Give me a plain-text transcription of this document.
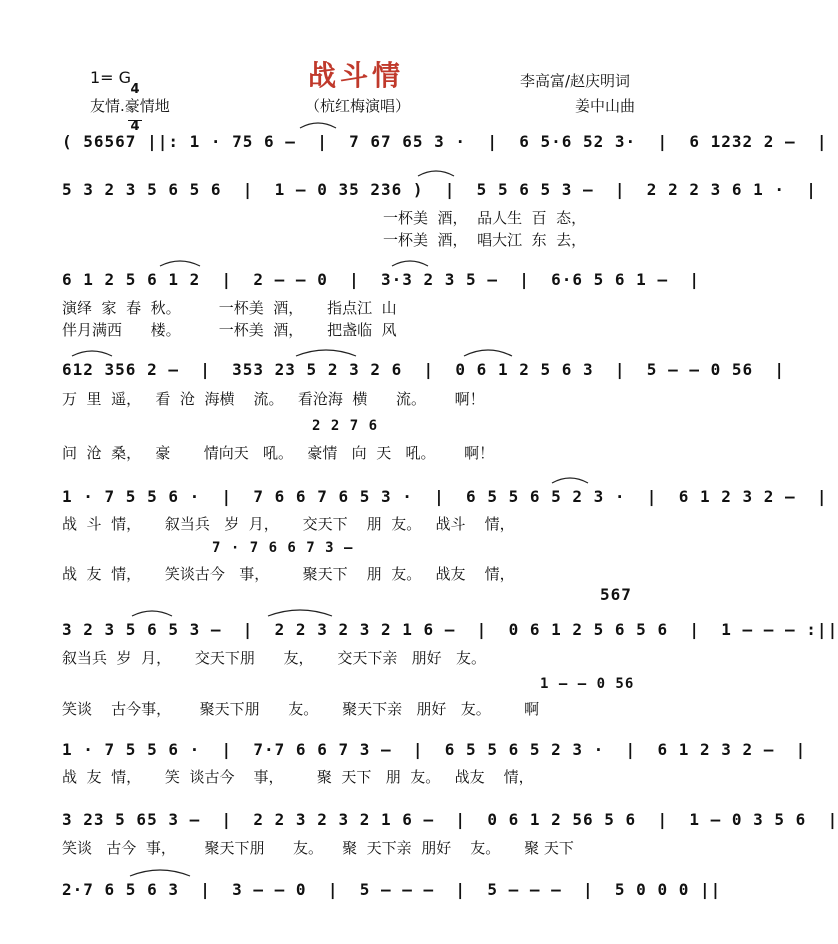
1= G

4

4

友情.豪情地
战斗情
（杭红梅演唱）
李高富/赵庆明词
姜中山曲
( 56567 ||: 1 · 75 6 –  |  7 67 65 3 ·  |  6 5·6 52 3·  |  6 1232 2 –  |
5 3 2 3 5 6 5 6  |  1 – 0 35 236 )  |  5 5 6 5 3 –  |  2 2 2 3 6 1 ·  |
一杯美  酒，  品人生  百  态，
一杯美  酒，  唱大江  东  去，
6 1 2 5 6 1 2  |  2 – – 0  |  3·3 2 3 5 –  |  6·6 5 6 1 –  |
演绎  家  春  秋。        一杯美  酒，     指点江  山
伴月满西      楼。        一杯美  酒，     把盏临  风
612 356 2 –  |  353 23 5 2 3 2 6  |  0 6 1 2 5 6 3  |  5 – – 0 56  |
万  里  遥，   看  沧  海横    流。   看沧海  横      流。      啊！
2 2 7 6
问  沧  桑，   豪       情向天   吼。   豪情   向  天   吼。      啊！
1 · 7 5 5 6 ·  |  7 6 6 7 6 5 3 ·  |  6 5 5 6 5 2 3 ·  |  6 1 2 3 2 –  |
战  斗  情，     叙当兵   岁  月，     交天下    朋  友。   战斗    情，
7 · 7 6 6 7 3 –
战  友  情，     笑谈古今   事，       聚天下    朋  友。   战友    情，
567
3 2 3 5 6 5 3 –  |  2 2 3 2 3 2 1 6 –  |  0 6 1 2 5 6 5 6  |  1 – – – :||
叙当兵  岁  月，     交天下朋      友，     交天下亲   朋好   友。
1 – – 0 56
笑谈    古今事，      聚天下朋      友。     聚天下亲   朋好   友。       啊
1 · 7 5 5 6 ·  |  7·7 6 6 7 3 –  |  6 5 5 6 5 2 3 ·  |  6 1 2 3 2 –  |
战  友  情，     笑  谈古今    事，       聚  天下   朋  友。   战友    情，
3 23 5 65 3 –  |  2 2 3 2 3 2 1 6 –  |  0 6 1 2 56 5 6  |  1 – 0 3 5 6  |
笑谈   古今  事，      聚天下朋      友。    聚  天下亲  朋好    友。     聚 天下
2·7 6 5 6 3  |  3 – – 0  |  5 – – –  |  5 – – –  |  5 0 0 0 ||
